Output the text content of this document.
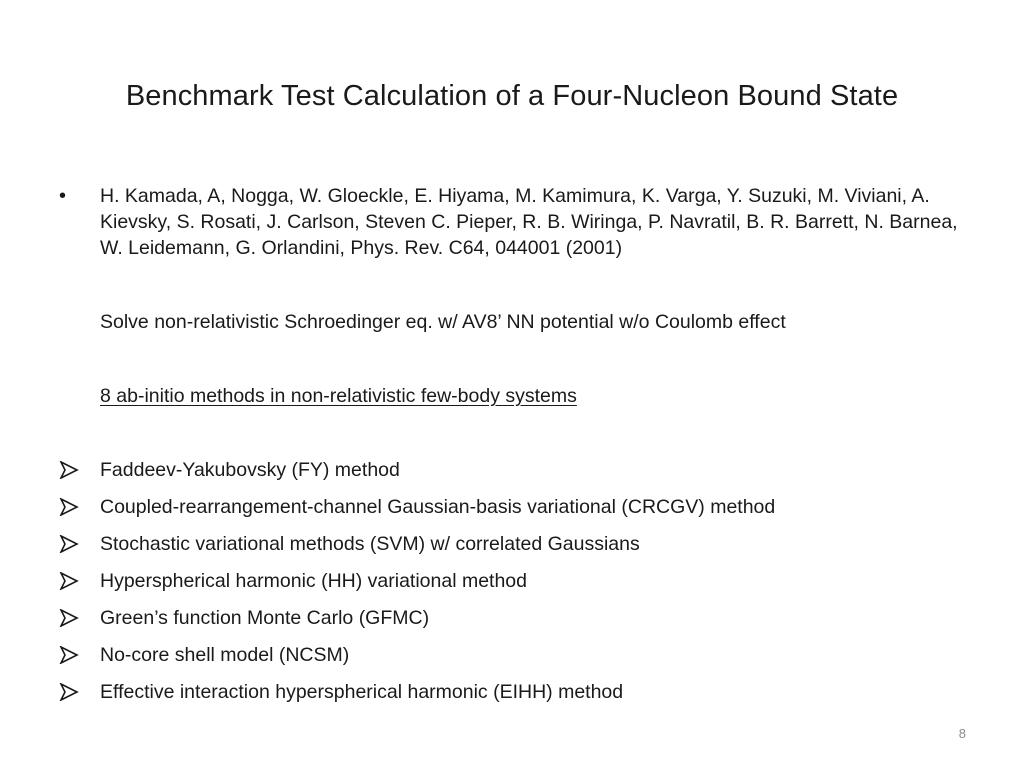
Benchmark Test Calculation of a Four-Nucleon Bound State
• H. Kamada, A, Nogga, W. Gloeckle, E. Hiyama, M. Kamimura, K. Varga, Y. Suzuki, M. Viviani, A. Kievsky, S. Rosati, J. Carlson, Steven C. Pieper, R. B. Wiringa, P. Navratil, B. R. Barrett, N. Barnea, W. Leidemann, G. Orlandini, Phys. Rev. C64, 044001 (2001)
Solve non-relativistic Schroedinger eq. w/ AV8’ NN potential w/o Coulomb effect
8 ab-initio methods in non-relativistic few-body systems
Faddeev-Yakubovsky (FY) method
Coupled-rearrangement-channel Gaussian-basis variational (CRCGV) method
Stochastic variational methods (SVM) w/ correlated Gaussians
Hyperspherical harmonic (HH) variational method
Green’s function Monte Carlo (GFMC)
No-core shell model (NCSM)
Effective interaction hyperspherical harmonic (EIHH) method
8
